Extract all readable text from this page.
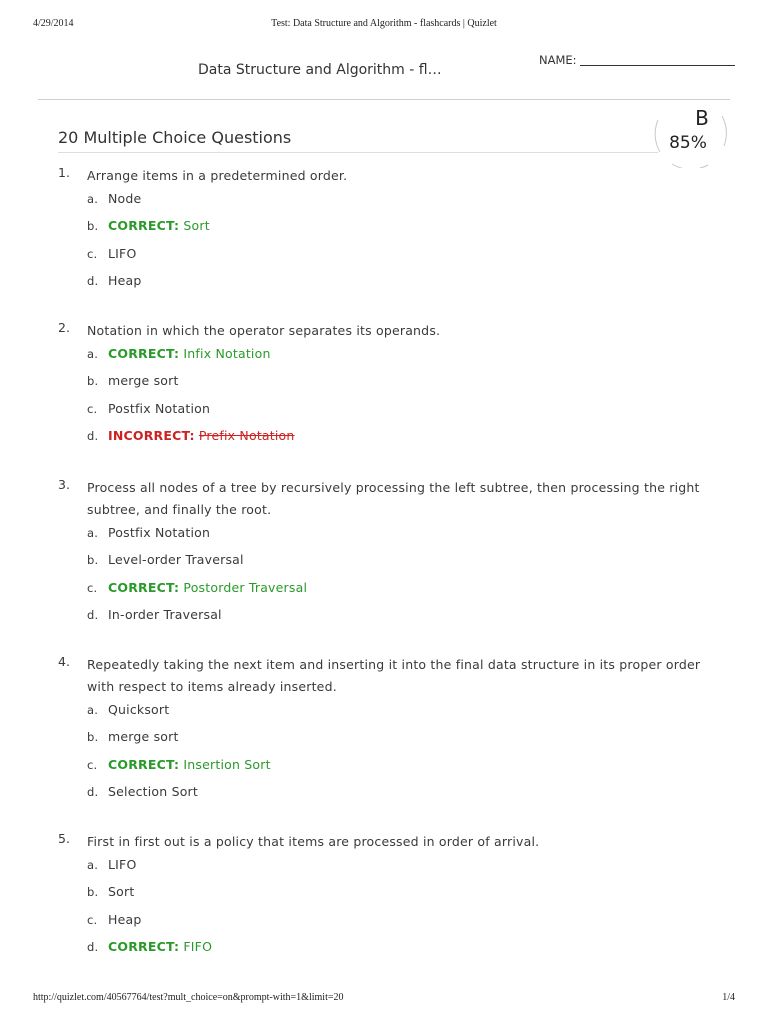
4/29/2014	Test: Data Structure and Algorithm - flashcards | Quizlet
Data Structure and Algorithm - fl…
NAME:
B
85%
20 Multiple Choice Questions
1. Arrange items in a predetermined order.
a. Node
b. CORRECT: Sort
c. LIFO
d. Heap
2. Notation in which the operator separates its operands.
a. CORRECT: Infix Notation
b. merge sort
c. Postfix Notation
d. INCORRECT: Prefix Notation
3. Process all nodes of a tree by recursively processing the left subtree, then processing the right subtree, and finally the root.
a. Postfix Notation
b. Level-order Traversal
c. CORRECT: Postorder Traversal
d. In-order Traversal
4. Repeatedly taking the next item and inserting it into the final data structure in its proper order with respect to items already inserted.
a. Quicksort
b. merge sort
c. CORRECT: Insertion Sort
d. Selection Sort
5. First in first out is a policy that items are processed in order of arrival.
a. LIFO
b. Sort
c. Heap
d. CORRECT: FIFO
http://quizlet.com/40567764/test?mult_choice=on&prompt-with=1&limit=20	1/4
